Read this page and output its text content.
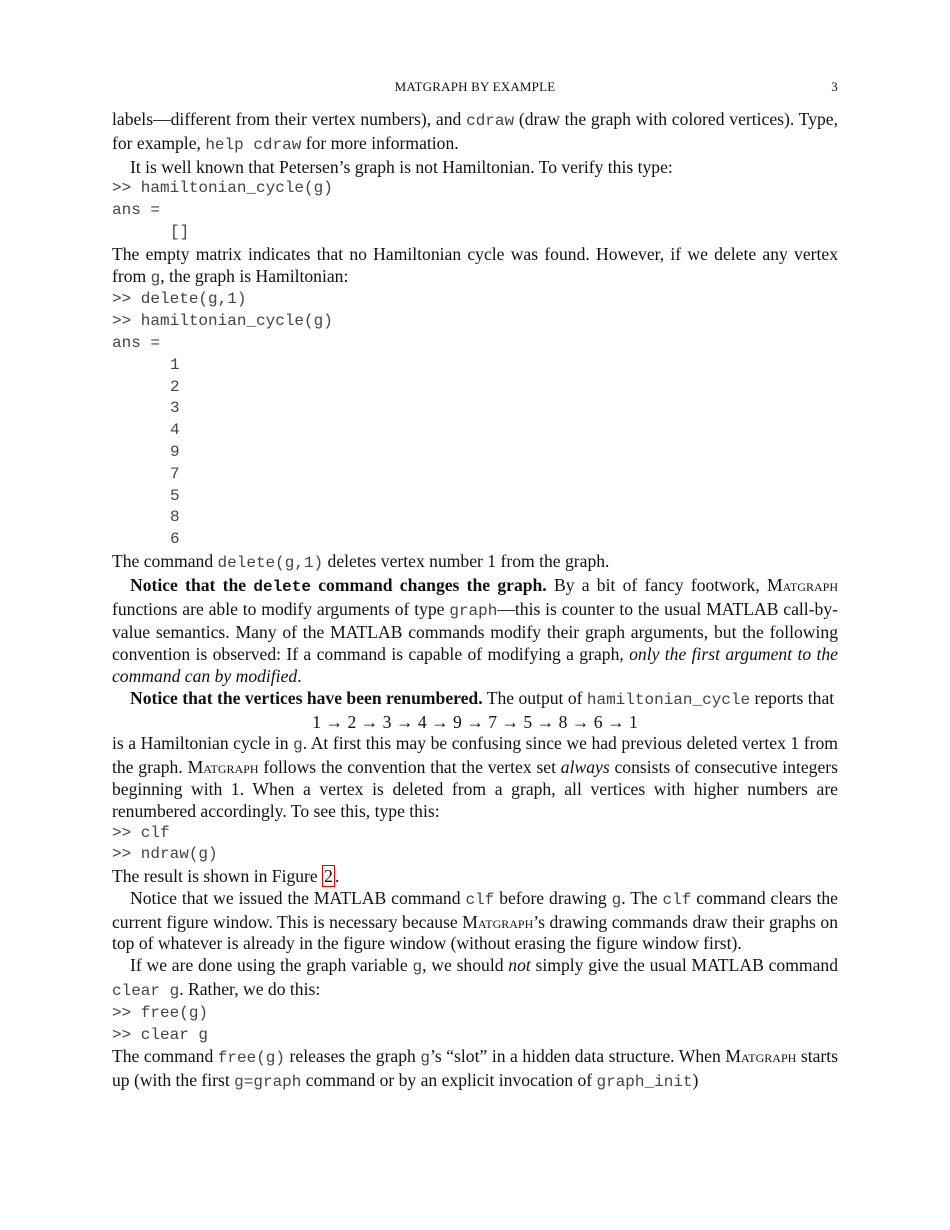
MATGRAPH BY EXAMPLE	3

labels—different from their vertex numbers), and cdraw (draw the graph with colored vertices). Type, for example, help cdraw for more information.

It is well known that Petersen’s graph is not Hamiltonian. To verify this type:

>> hamiltonian_cycle(g)
ans =
[]

The empty matrix indicates that no Hamiltonian cycle was found. However, if we delete any vertex from g, the graph is Hamiltonian:

>> delete(g,1)
>> hamiltonian_cycle(g)
ans =
1
2
3
4
9
7
5
8
6

The command delete(g,1) deletes vertex number 1 from the graph.

Notice that the delete command changes the graph. By a bit of fancy footwork, Matgraph functions are able to modify arguments of type graph—this is counter to the usual MATLAB call-by-value semantics. Many of the MATLAB commands modify their graph arguments, but the following convention is observed: If a command is capable of modifying a graph, only the first argument to the command can by modified.

Notice that the vertices have been renumbered. The output of hamiltonian_cycle reports that

1 → 2 → 3 → 4 → 9 → 7 → 5 → 8 → 6 → 1

is a Hamiltonian cycle in g. At first this may be confusing since we had previous deleted vertex 1 from the graph. Matgraph follows the convention that the vertex set always consists of consecutive integers beginning with 1. When a vertex is deleted from a graph, all vertices with higher numbers are renumbered accordingly. To see this, type this:

>> clf
>> ndraw(g)

The result is shown in Figure 2 .

Notice that we issued the MATLAB command clf before drawing g. The clf command clears the current figure window. This is necessary because Matgraph’s drawing commands draw their graphs on top of whatever is already in the figure window (without erasing the figure window first).

If we are done using the graph variable g, we should not simply give the usual MATLAB command clear g. Rather, we do this:

>> free(g)
>> clear g

The command free(g) releases the graph g’s “slot” in a hidden data structure. When Matgraph starts up (with the first g=graph command or by an explicit invocation of graph_init)
